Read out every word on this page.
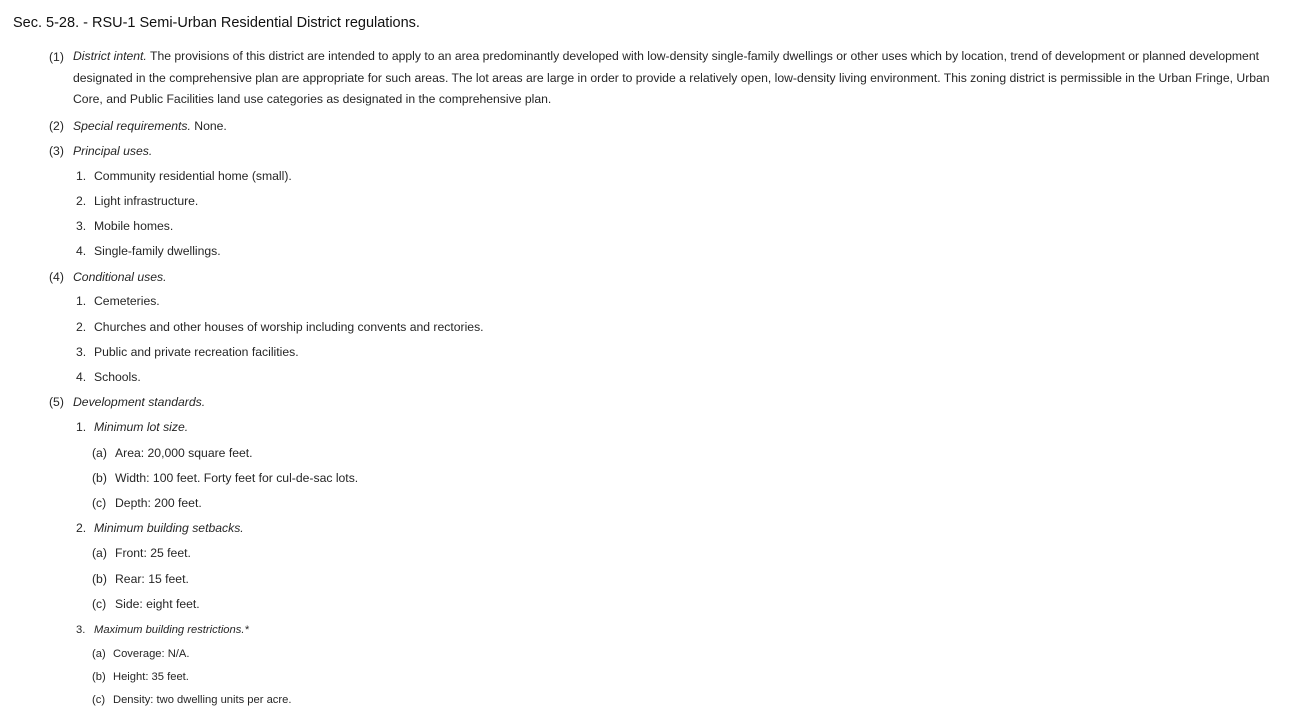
Sec. 5-28. - RSU-1 Semi-Urban Residential District regulations.
(1) District intent. The provisions of this district are intended to apply to an area predominantly developed with low-density single-family dwellings or other uses which by location, trend of development or planned development designated in the comprehensive plan are appropriate for such areas. The lot areas are large in order to provide a relatively open, low-density living environment. This zoning district is permissible in the Urban Fringe, Urban Core, and Public Facilities land use categories as designated in the comprehensive plan.
(2) Special requirements. None.
(3) Principal uses.
1. Community residential home (small).
2. Light infrastructure.
3. Mobile homes.
4. Single-family dwellings.
(4) Conditional uses.
1. Cemeteries.
2. Churches and other houses of worship including convents and rectories.
3. Public and private recreation facilities.
4. Schools.
(5) Development standards.
1. Minimum lot size.
(a) Area: 20,000 square feet.
(b) Width: 100 feet. Forty feet for cul-de-sac lots.
(c) Depth: 200 feet.
2. Minimum building setbacks.
(a) Front: 25 feet.
(b) Rear: 15 feet.
(c) Side: eight feet.
3. Maximum building restrictions.*
(a) Coverage: N/A.
(b) Height: 35 feet.
(c) Density: two dwelling units per acre.
